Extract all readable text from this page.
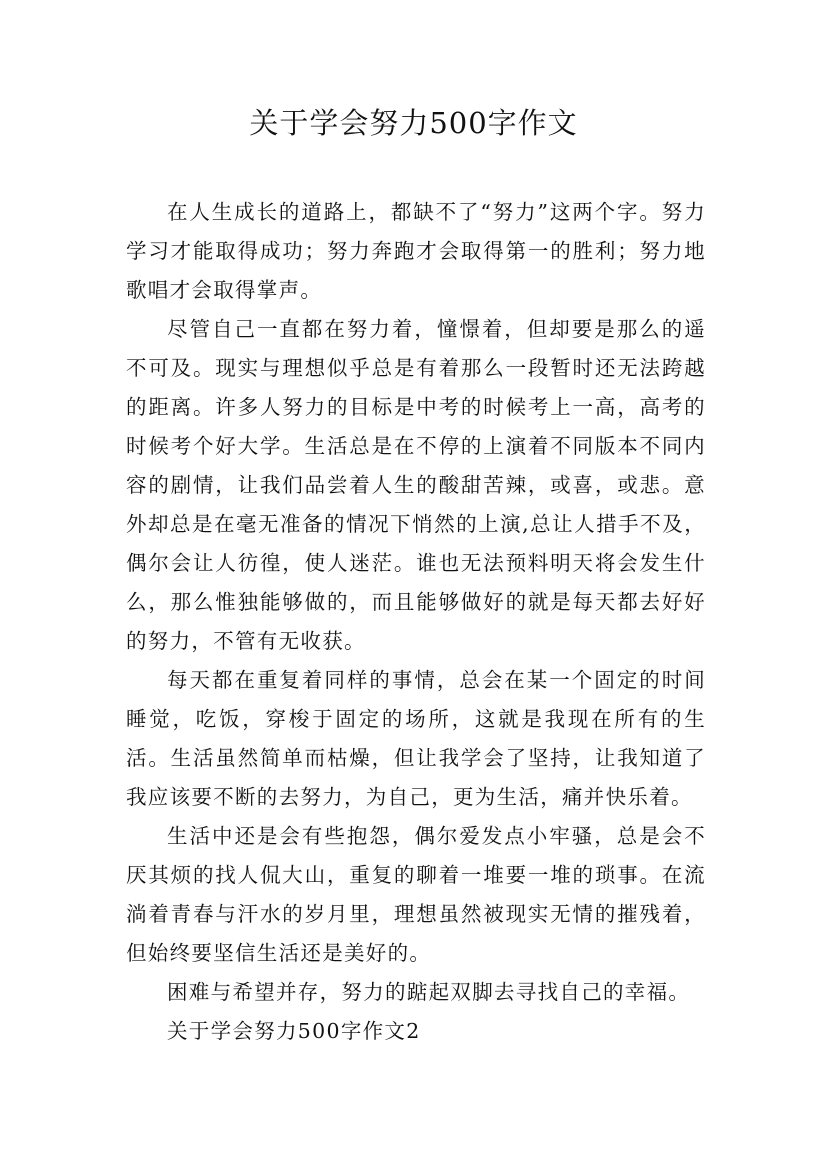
关于学会努力500字作文

在人生成长的道路上，都缺不了“努力”这两个字。努力学习才能取得成功；努力奔跑才会取得第一的胜利；努力地歌唱才会取得掌声。

尽管自己一直都在努力着，憧憬着，但却要是那么的遥不可及。现实与理想似乎总是有着那么一段暂时还无法跨越的距离。许多人努力的目标是中考的时候考上一高，高考的时候考个好大学。生活总是在不停的上演着不同版本不同内容的剧情，让我们品尝着人生的酸甜苦辣，或喜，或悲。意外却总是在毫无准备的情况下悄然的上演,总让人措手不及，偶尔会让人彷徨，使人迷茫。谁也无法预料明天将会发生什么，那么惟独能够做的，而且能够做好的就是每天都去好好的努力，不管有无收获。

每天都在重复着同样的事情，总会在某一个固定的时间睡觉，吃饭，穿梭于固定的场所，这就是我现在所有的生活。生活虽然简单而枯燥，但让我学会了坚持，让我知道了我应该要不断的去努力，为自己，更为生活，痛并快乐着。

生活中还是会有些抱怨，偶尔爱发点小牢骚，总是会不厌其烦的找人侃大山，重复的聊着一堆要一堆的琐事。在流淌着青春与汗水的岁月里，理想虽然被现实无情的摧残着，但始终要坚信生活还是美好的。

困难与希望并存，努力的踮起双脚去寻找自己的幸福。

关于学会努力500字作文2
